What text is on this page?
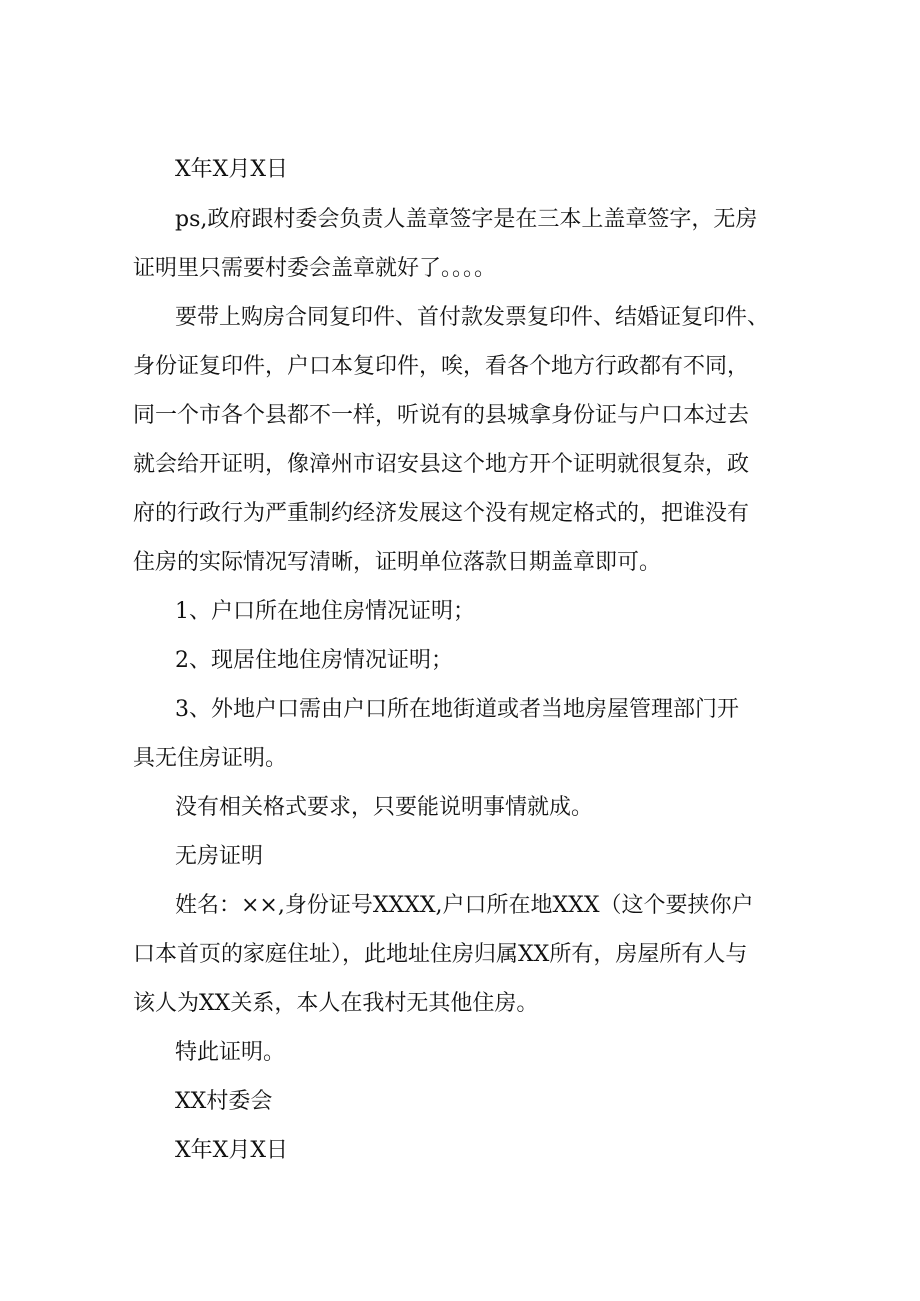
X年X月X日

ps,政府跟村委会负责人盖章签字是在三本上盖章签字，无房

证明里只需要村委会盖章就好了。。。。

要带上购房合同复印件、首付款发票复印件、结婚证复印件、

身份证复印件，户口本复印件，唉，看各个地方行政都有不同，

同一个市各个县都不一样，听说有的县城拿身份证与户口本过去

就会给开证明，像漳州市诏安县这个地方开个证明就很复杂，政

府的行政行为严重制约经济发展这个没有规定格式的，把谁没有

住房的实际情况写清晰，证明单位落款日期盖章即可。

1、户口所在地住房情况证明；

2、现居住地住房情况证明；

3、外地户口需由户口所在地街道或者当地房屋管理部门开

具无住房证明。

没有相关格式要求，只要能说明事情就成。

无房证明

姓名：××,身份证号XXXX,户口所在地XXX（这个要挟你户

口本首页的家庭住址），此地址住房归属XX所有，房屋所有人与

该人为XX关系，本人在我村无其他住房。

特此证明。

XX村委会

X年X月X日
